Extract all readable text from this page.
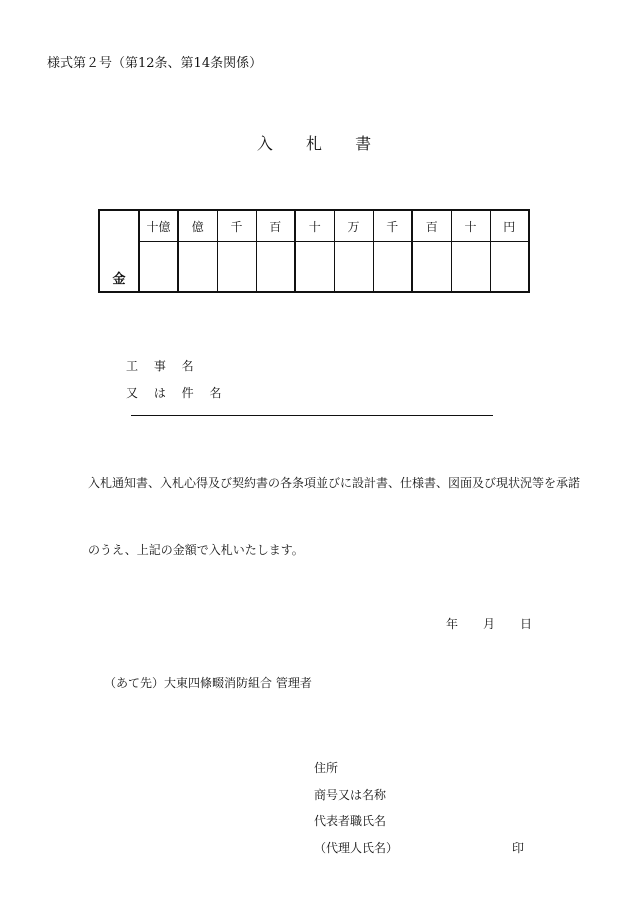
様式第２号（第12条、第14条関係）
入 札 書
金	十億	億	千	百	十	万	千	百	十	円

工 事 名
又 は 件 名
入札通知書、入札心得及び契約書の各条項並びに設計書、仕様書、図面及び現状況等を承諾
のうえ、上記の金額で入札いたします。
年 月 日
（あて先）大東四條畷消防組合 管理者
住所
商号又は名称
代表者職氏名
（代理人氏名）	印
